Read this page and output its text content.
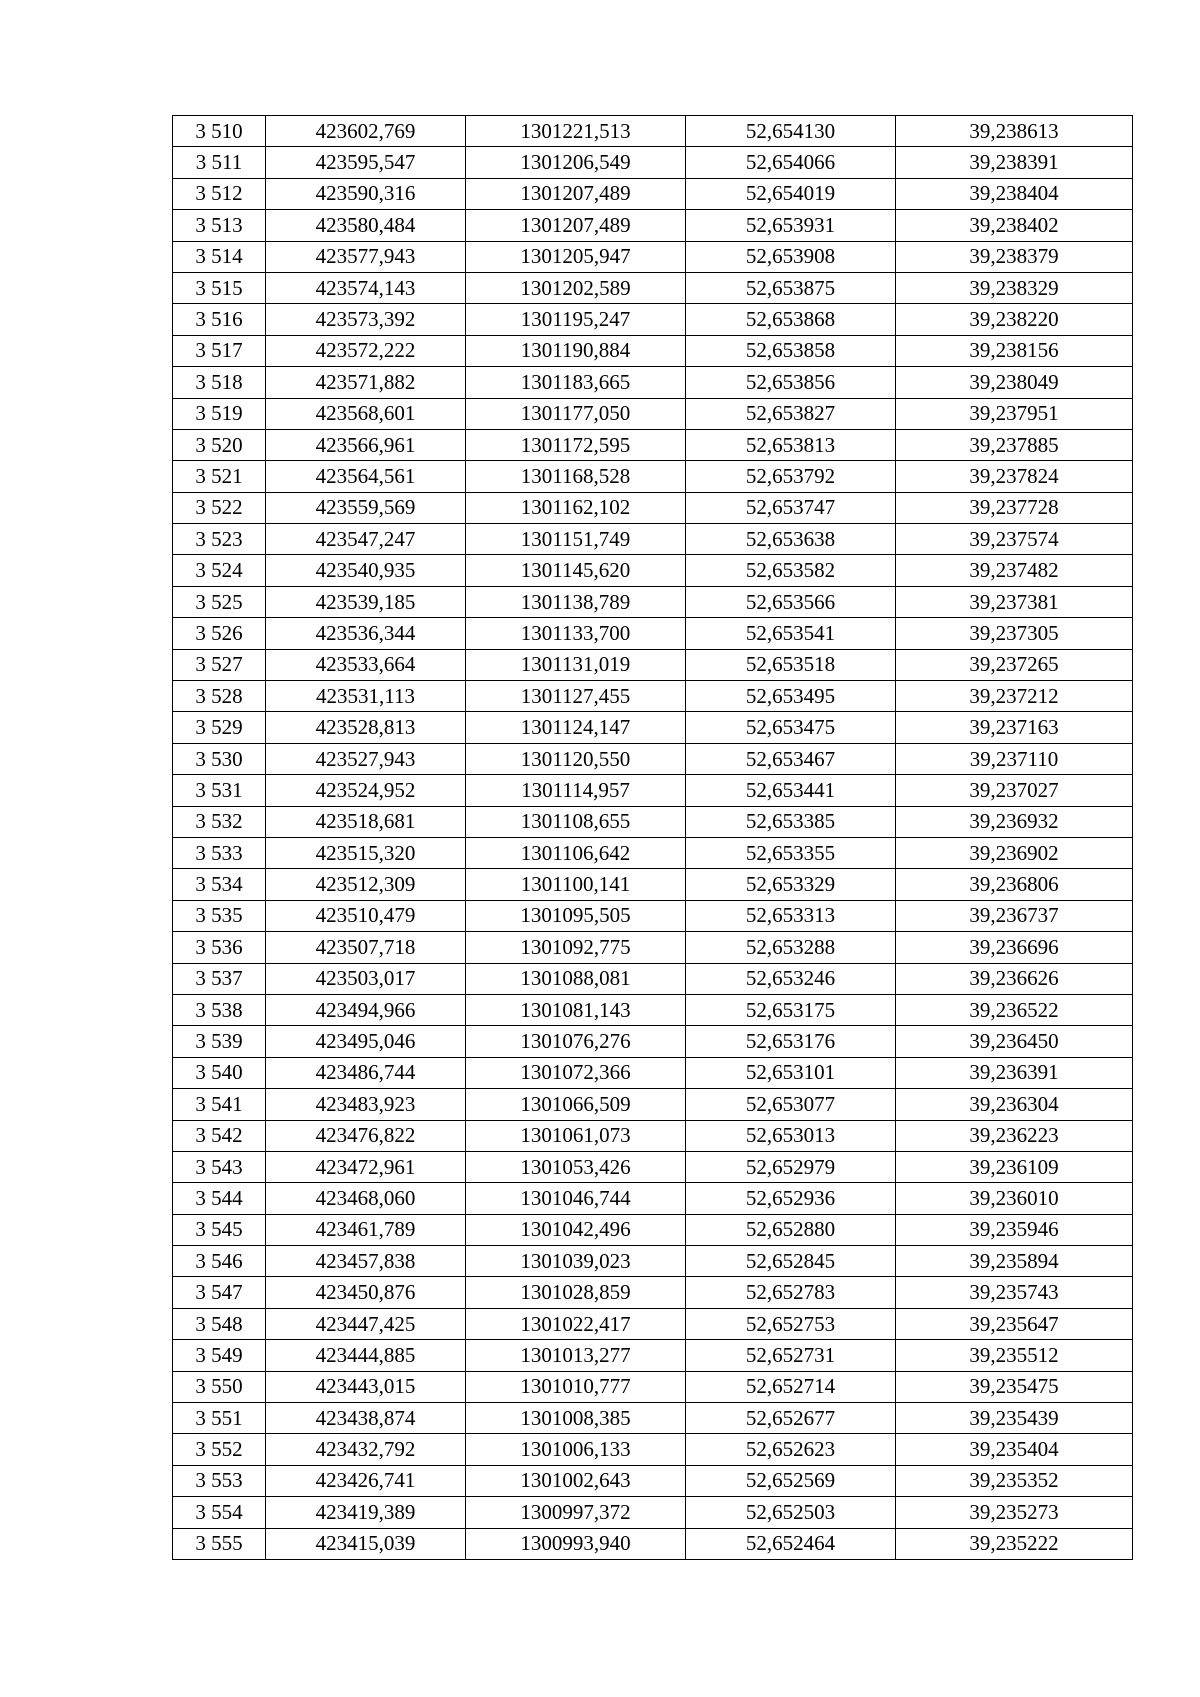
3 510	423602,769	1301221,513	52,654130	39,238613
3 511	423595,547	1301206,549	52,654066	39,238391
3 512	423590,316	1301207,489	52,654019	39,238404
3 513	423580,484	1301207,489	52,653931	39,238402
3 514	423577,943	1301205,947	52,653908	39,238379
3 515	423574,143	1301202,589	52,653875	39,238329
3 516	423573,392	1301195,247	52,653868	39,238220
3 517	423572,222	1301190,884	52,653858	39,238156
3 518	423571,882	1301183,665	52,653856	39,238049
3 519	423568,601	1301177,050	52,653827	39,237951
3 520	423566,961	1301172,595	52,653813	39,237885
3 521	423564,561	1301168,528	52,653792	39,237824
3 522	423559,569	1301162,102	52,653747	39,237728
3 523	423547,247	1301151,749	52,653638	39,237574
3 524	423540,935	1301145,620	52,653582	39,237482
3 525	423539,185	1301138,789	52,653566	39,237381
3 526	423536,344	1301133,700	52,653541	39,237305
3 527	423533,664	1301131,019	52,653518	39,237265
3 528	423531,113	1301127,455	52,653495	39,237212
3 529	423528,813	1301124,147	52,653475	39,237163
3 530	423527,943	1301120,550	52,653467	39,237110
3 531	423524,952	1301114,957	52,653441	39,237027
3 532	423518,681	1301108,655	52,653385	39,236932
3 533	423515,320	1301106,642	52,653355	39,236902
3 534	423512,309	1301100,141	52,653329	39,236806
3 535	423510,479	1301095,505	52,653313	39,236737
3 536	423507,718	1301092,775	52,653288	39,236696
3 537	423503,017	1301088,081	52,653246	39,236626
3 538	423494,966	1301081,143	52,653175	39,236522
3 539	423495,046	1301076,276	52,653176	39,236450
3 540	423486,744	1301072,366	52,653101	39,236391
3 541	423483,923	1301066,509	52,653077	39,236304
3 542	423476,822	1301061,073	52,653013	39,236223
3 543	423472,961	1301053,426	52,652979	39,236109
3 544	423468,060	1301046,744	52,652936	39,236010
3 545	423461,789	1301042,496	52,652880	39,235946
3 546	423457,838	1301039,023	52,652845	39,235894
3 547	423450,876	1301028,859	52,652783	39,235743
3 548	423447,425	1301022,417	52,652753	39,235647
3 549	423444,885	1301013,277	52,652731	39,235512
3 550	423443,015	1301010,777	52,652714	39,235475
3 551	423438,874	1301008,385	52,652677	39,235439
3 552	423432,792	1301006,133	52,652623	39,235404
3 553	423426,741	1301002,643	52,652569	39,235352
3 554	423419,389	1300997,372	52,652503	39,235273
3 555	423415,039	1300993,940	52,652464	39,235222
